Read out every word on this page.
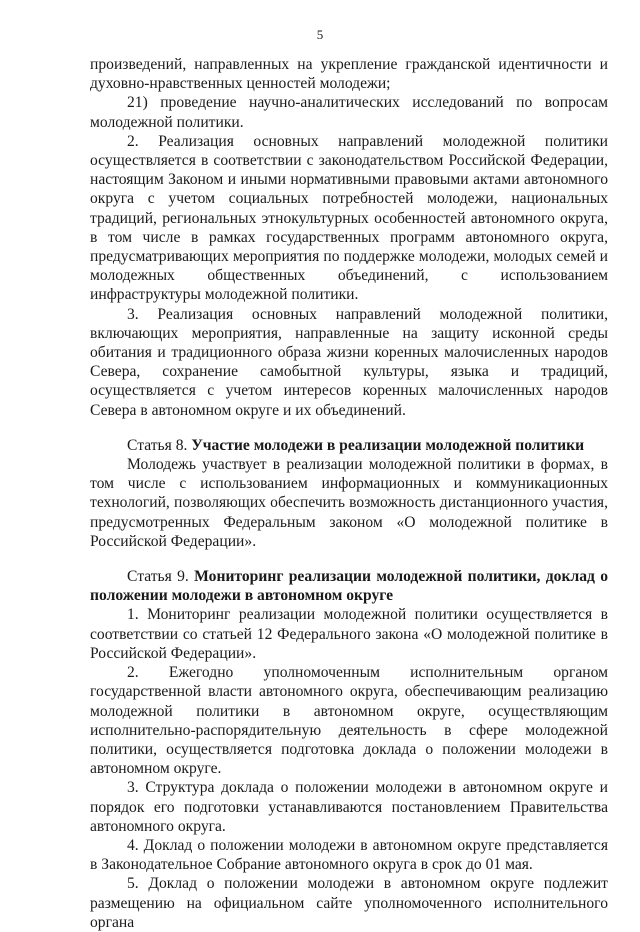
5

произведений, направленных на укрепление гражданской идентичности и духовно-нравственных ценностей молодежи;

21) проведение научно-аналитических исследований по вопросам молодежной политики.

2. Реализация основных направлений молодежной политики осуществляется в соответствии с законодательством Российской Федерации, настоящим Законом и иными нормативными правовыми актами автономного округа с учетом социальных потребностей молодежи, национальных традиций, региональных этнокультурных особенностей автономного округа, в том числе в рамках государственных программ автономного округа, предусматривающих мероприятия по поддержке молодежи, молодых семей и молодежных общественных объединений, с использованием инфраструктуры молодежной политики.

3. Реализация основных направлений молодежной политики, включающих мероприятия, направленные на защиту исконной среды обитания и традиционного образа жизни коренных малочисленных народов Севера, сохранение самобытной культуры, языка и традиций, осуществляется с учетом интересов коренных малочисленных народов Севера в автономном округе и их объединений.

Статья 8. Участие молодежи в реализации молодежной политики

Молодежь участвует в реализации молодежной политики в формах, в том числе с использованием информационных и коммуникационных технологий, позволяющих обеспечить возможность дистанционного участия, предусмотренных Федеральным законом «О молодежной политике в Российской Федерации».

Статья 9. Мониторинг реализации молодежной политики, доклад о положении молодежи в автономном округе

1. Мониторинг реализации молодежной политики осуществляется в соответствии со статьей 12 Федерального закона «О молодежной политике в Российской Федерации».

2. Ежегодно уполномоченным исполнительным органом государственной власти автономного округа, обеспечивающим реализацию молодежной политики в автономном округе, осуществляющим исполнительно-распорядительную деятельность в сфере молодежной политики, осуществляется подготовка доклада о положении молодежи в автономном округе.

3. Структура доклада о положении молодежи в автономном округе и порядок его подготовки устанавливаются постановлением Правительства автономного округа.

4. Доклад о положении молодежи в автономном округе представляется в Законодательное Собрание автономного округа в срок до 01 мая.

5. Доклад о положении молодежи в автономном округе подлежит размещению на официальном сайте уполномоченного исполнительного органа
